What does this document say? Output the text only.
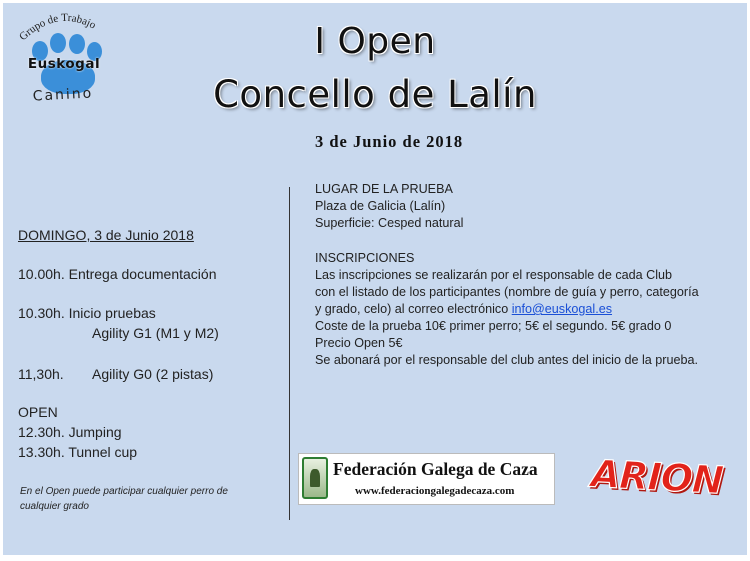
Grupo de Trabajo
Euskogal
Canino
I Open
Concello de Lalín
3 de Junio de 2018
DOMINGO, 3 de Junio 2018
10.00h. Entrega documentación
10.30h. Inicio pruebas
Agility G1 (M1 y M2)
11,30h. Agility G0 (2 pistas)
OPEN
12.30h. Jumping
13.30h. Tunnel cup
En el Open puede participar cualquier perro de
cualquier grado
LUGAR DE LA PRUEBA
Plaza de Galicia (Lalín)
Superficie: Cesped natural
INSCRIPCIONES
Las inscripciones se realizarán por el responsable de cada Club
con el listado de los participantes (nombre de guía y perro, categoría
y grado, celo) al correo electrónico info@euskogal.es
Coste de la prueba 10€ primer perro; 5€ el segundo. 5€ grado 0
Precio Open 5€
Se abonará por el responsable del club antes del inicio de la prueba.
Federación Galega de Caza
www.federaciongalegadecaza.com ARION
